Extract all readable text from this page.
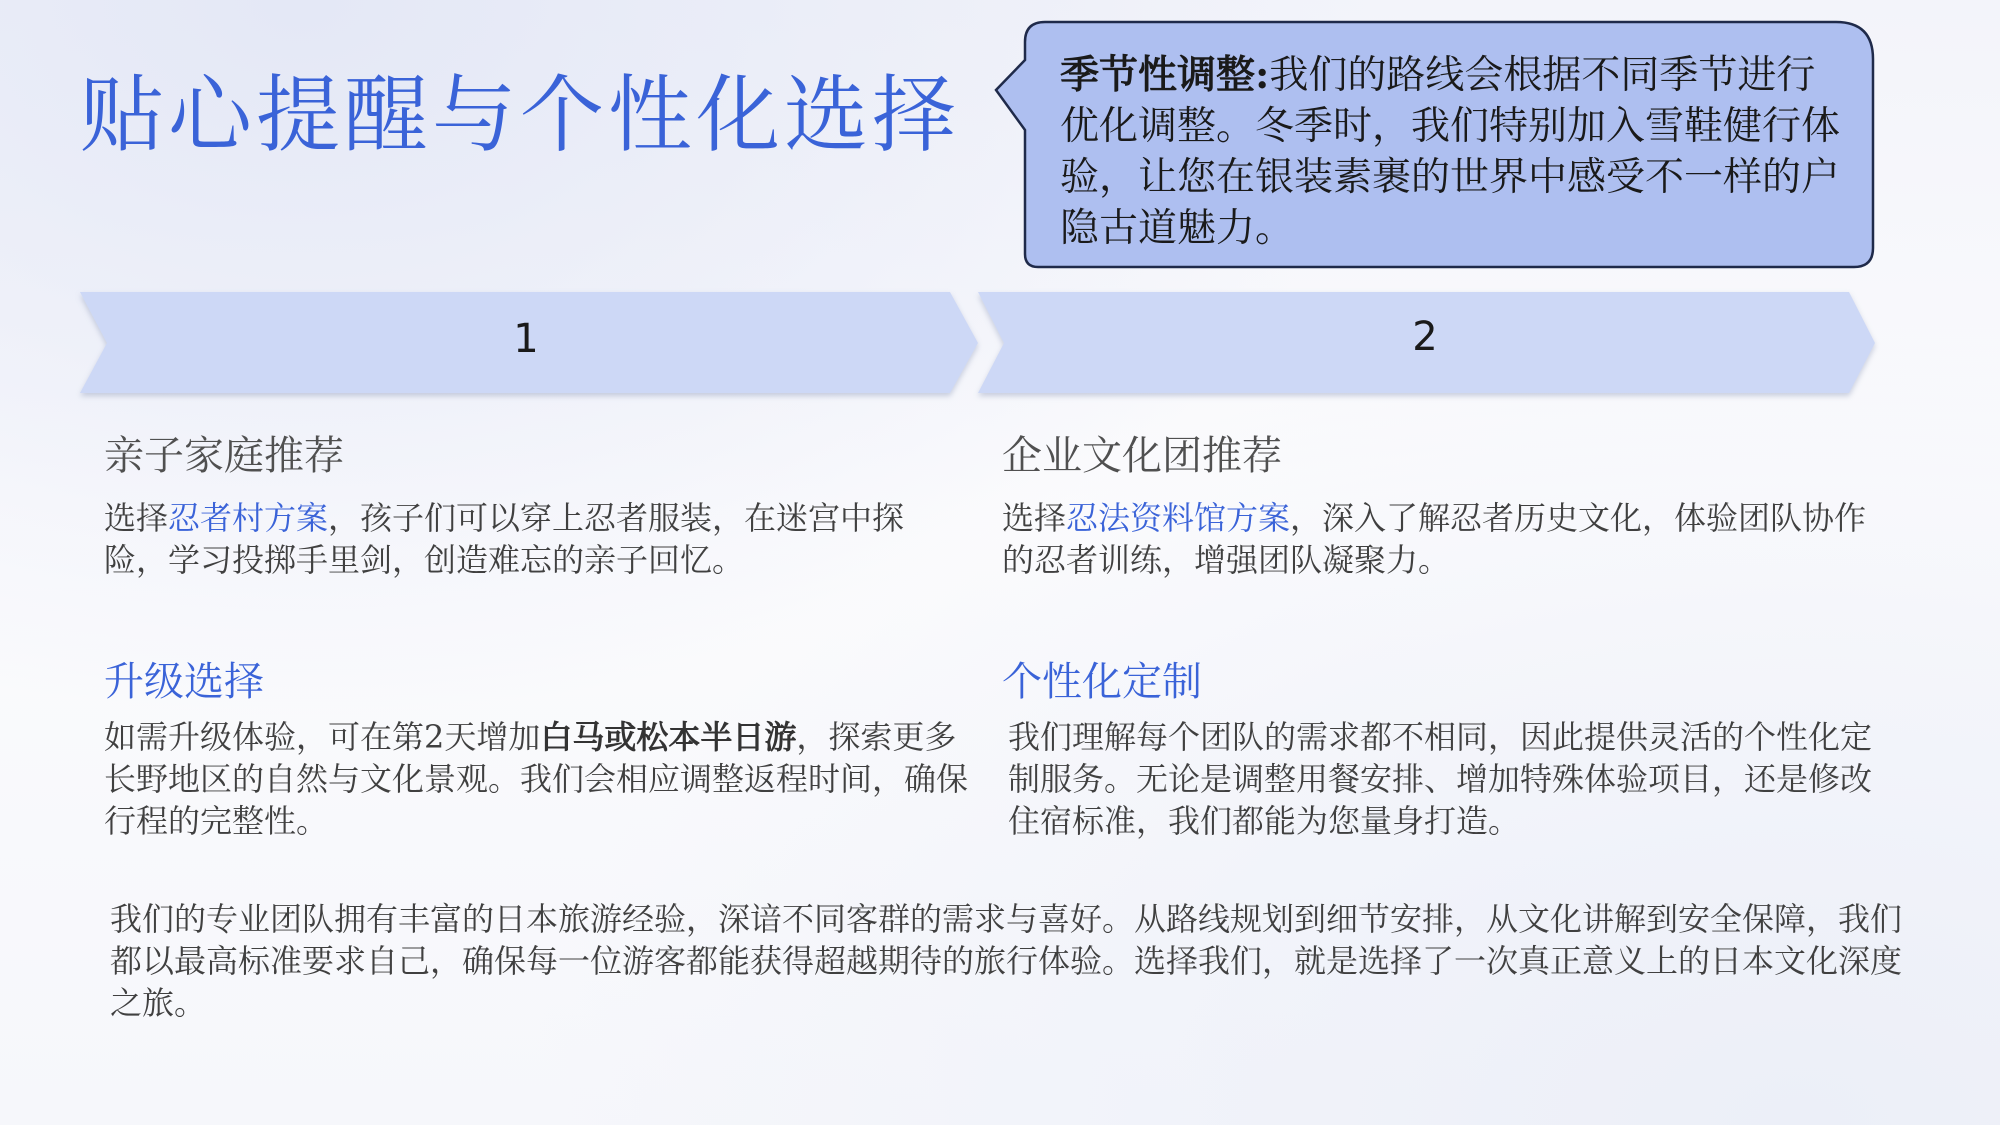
贴心提醒与个性化选择	季节性调整:我们的路线会根据不同季节进行优化调整。冬季时，我们特别加入雪鞋健行体验，让您在银装素裹的世界中感受不一样的户隐古道魅力。
1	2
亲子家庭推荐
选择忍者村方案，孩子们可以穿上忍者服装，在迷宫中探险，学习投掷手里剑，创造难忘的亲子回忆。
企业文化团推荐
选择忍法资料馆方案，深入了解忍者历史文化，体验团队协作的忍者训练，增强团队凝聚力。
升级选择
如需升级体验，可在第2天增加白马或松本半日游，探索更多长野地区的自然与文化景观。我们会相应调整返程时间，确保行程的完整性。
个性化定制
我们理解每个团队的需求都不相同，因此提供灵活的个性化定制服务。无论是调整用餐安排、增加特殊体验项目，还是修改住宿标准，我们都能为您量身打造。
我们的专业团队拥有丰富的日本旅游经验，深谙不同客群的需求与喜好。从路线规划到细节安排，从文化讲解到安全保障，我们都以最高标准要求自己，确保每一位游客都能获得超越期待的旅行体验。选择我们，就是选择了一次真正意义上的日本文化深度之旅。
